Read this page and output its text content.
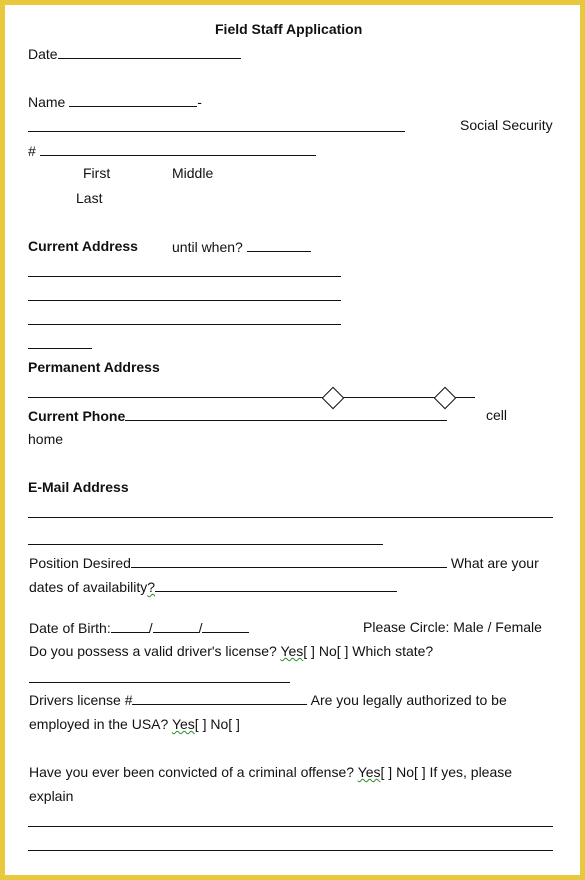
Field Staff Application
Date
Name	-
Social Security
#
First	Middle
Last
Current Address until when?
Permanent Address
Current Phone	cell
home
E-Mail Address
Position Desired	What are your
dates of availability?
Date of Birth:	/	/	Please Circle: Male / Female
Do you possess a valid driver's license? Yes[ ] No[ ] Which state?
Drivers license #	Are you legally authorized to be
employed in the USA? Yes[ ] No[ ]
Have you ever been convicted of a criminal offense? Yes[ ] No[ ] If yes, please
explain
